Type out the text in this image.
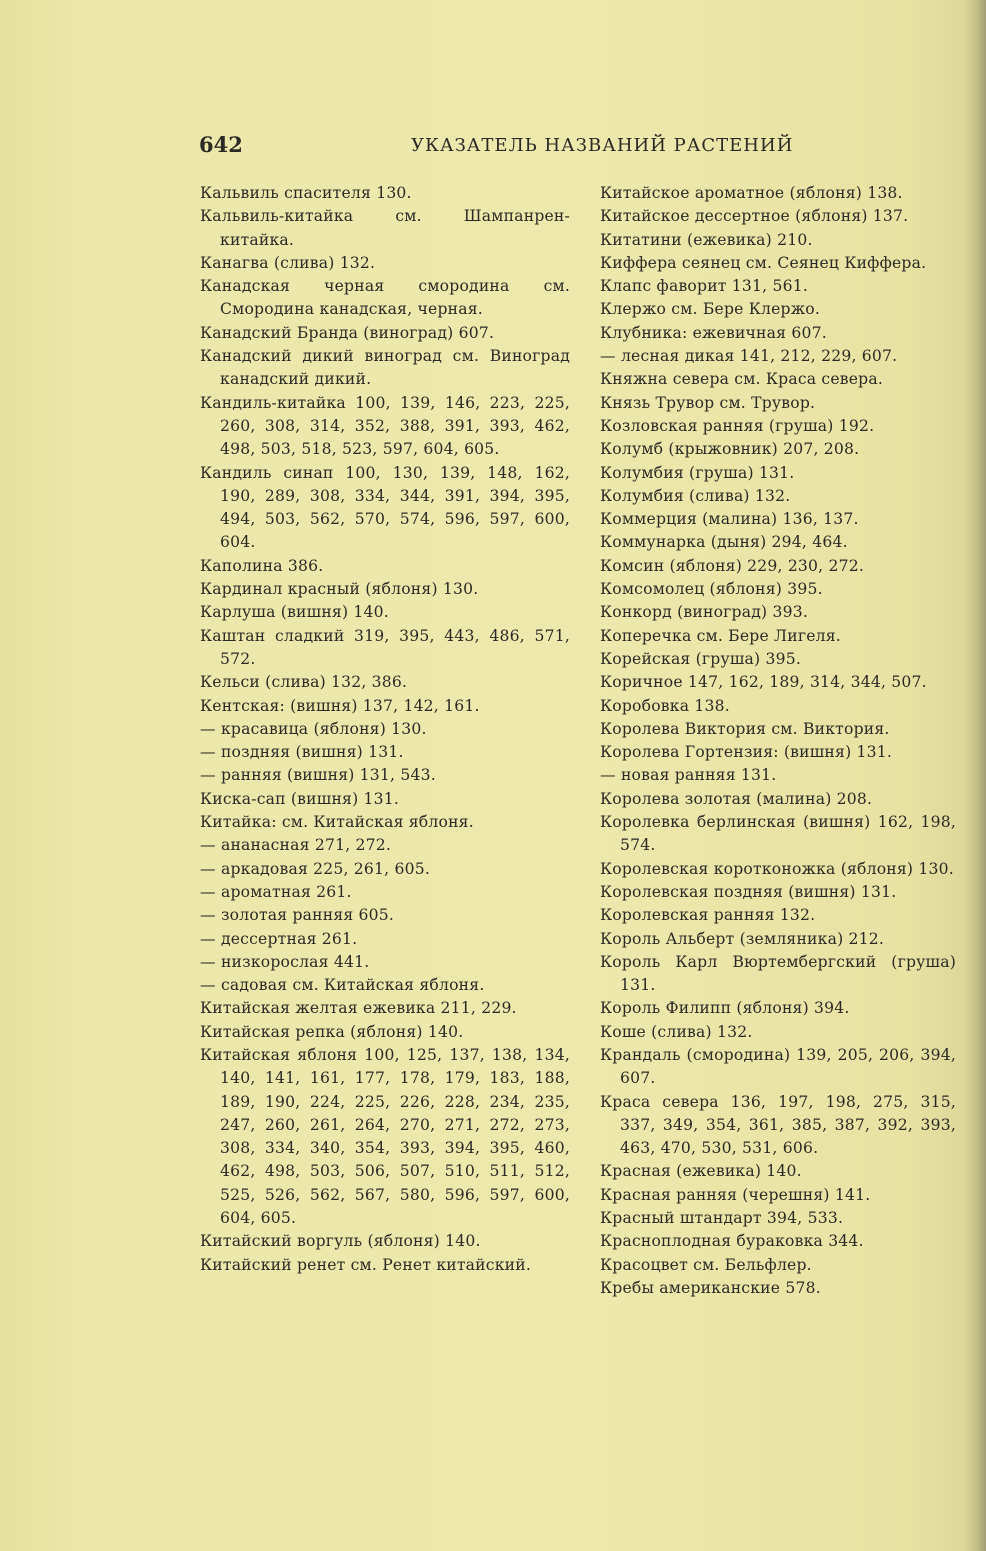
642	УКАЗАТЕЛЬ НАЗВАНИЙ РАСТЕНИЙ
Кальвиль спасителя 130.
Кальвиль-китайка см. Шампанрен-китайка.
Канагва (слива) 132.
Канадская черная смородина см. Смородина канадская, черная.
Канадский Бранда (виноград) 607.
Канадский дикий виноград см. Виноград канадский дикий.
Кандиль-китайка 100, 139, 146, 223, 225, 260, 308, 314, 352, 388, 391, 393, 462, 498, 503, 518, 523, 597, 604, 605.
Кандиль синап 100, 130, 139, 148, 162, 190, 289, 308, 334, 344, 391, 394, 395, 494, 503, 562, 570, 574, 596, 597, 600, 604.
Каполина 386.
Кардинал красный (яблоня) 130.
Карлуша (вишня) 140.
Каштан сладкий 319, 395, 443, 486, 571, 572.
Кельси (слива) 132, 386.
Кентская: (вишня) 137, 142, 161.
— красавица (яблоня) 130.
— поздняя (вишня) 131.
— ранняя (вишня) 131, 543.
Киска-сап (вишня) 131.
Китайка: см. Китайская яблоня.
— ананасная 271, 272.
— аркадовая 225, 261, 605.
— ароматная 261.
— золотая ранняя 605.
— дессертная 261.
— низкорослая 441.
— садовая см. Китайская яблоня.
Китайская желтая ежевика 211, 229.
Китайская репка (яблоня) 140.
Китайская яблоня 100, 125, 137, 138, 134, 140, 141, 161, 177, 178, 179, 183, 188, 189, 190, 224, 225, 226, 228, 234, 235, 247, 260, 261, 264, 270, 271, 272, 273, 308, 334, 340, 354, 393, 394, 395, 460, 462, 498, 503, 506, 507, 510, 511, 512, 525, 526, 562, 567, 580, 596, 597, 600, 604, 605.
Китайский воргуль (яблоня) 140.
Китайский ренет см. Ренет китайский.
Китайское ароматное (яблоня) 138.
Китайское дессертное (яблоня) 137.
Китатини (ежевика) 210.
Киффера сеянец см. Сеянец Киффера.
Клапс фаворит 131, 561.
Клержо см. Бере Клержо.
Клубника: ежевичная 607.
— лесная дикая 141, 212, 229, 607.
Княжна севера см. Краса севера.
Князь Трувор см. Трувор.
Козловская ранняя (груша) 192.
Колумб (крыжовник) 207, 208.
Колумбия (груша) 131.
Колумбия (слива) 132.
Коммерция (малина) 136, 137.
Коммунарка (дыня) 294, 464.
Комсин (яблоня) 229, 230, 272.
Комсомолец (яблоня) 395.
Конкорд (виноград) 393.
Коперечка см. Бере Лигеля.
Корейская (груша) 395.
Коричное 147, 162, 189, 314, 344, 507.
Коробовка 138.
Королева Виктория см. Виктория.
Королева Гортензия: (вишня) 131.
— новая ранняя 131.
Королева золотая (малина) 208.
Королевка берлинская (вишня) 162, 198, 574.
Королевская коротконожка (яблоня) 130.
Королевская поздняя (вишня) 131.
Королевская ранняя 132.
Король Альберт (земляника) 212.
Король Карл Вюртембергский (груша) 131.
Король Филипп (яблоня) 394.
Коше (слива) 132.
Крандаль (смородина) 139, 205, 206, 394, 607.
Краса севера 136, 197, 198, 275, 315, 337, 349, 354, 361, 385, 387, 392, 393, 463, 470, 530, 531, 606.
Красная (ежевика) 140.
Красная ранняя (черешня) 141.
Красный штандарт 394, 533.
Красноплодная бураковка 344.
Красоцвет см. Бельфлер.
Кребы американские 578.
